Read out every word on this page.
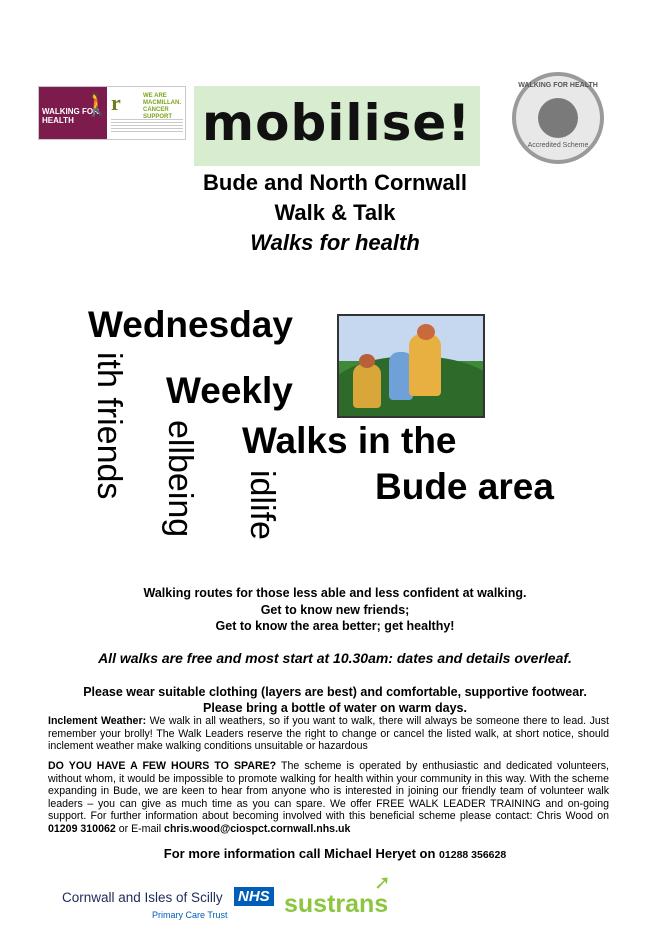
WALKING FOR HEALTH
🚶 r	WE ARE MACMILLAN. CANCER SUPPORT mobilise!
WALKING FOR HEALTH
Accredited Scheme
Bude and North Cornwall
Walk & Talk
Walks for health
Wednesday
Weekly
Walks in the
Bude area
ith friends ellbeing idlife
Walking routes for those less able and less confident at walking.
Get to know new friends;
Get to know the area better; get healthy!
All walks are free and most start at 10.30am: dates and details overleaf.
Please wear suitable clothing (layers are best) and comfortable, supportive footwear.
Please bring a bottle of water on warm days.
Inclement Weather: We walk in all weathers, so if you want to walk, there will always be someone there to lead. Just remember your brolly! The Walk Leaders reserve the right to change or cancel the listed walk, at short notice, should inclement weather make walking conditions unsuitable or hazardous
DO YOU HAVE A FEW HOURS TO SPARE? The scheme is operated by enthusiastic and dedicated volunteers, without whom, it would be impossible to promote walking for health within your community in this way. With the scheme expanding in Bude, we are keen to hear from anyone who is interested in joining our friendly team of volunteer walk leaders – you can give as much time as you can spare. We offer FREE WALK LEADER TRAINING and on-going support. For further information about becoming involved with this beneficial scheme please contact: Chris Wood on 01209 310062 or E-mail chris.wood@ciospct.cornwall.nhs.uk
For more information call Michael Heryet on 01288 356628
Cornwall and Isles of Scilly NHS
Primary Care Trust
➚
sustrans
